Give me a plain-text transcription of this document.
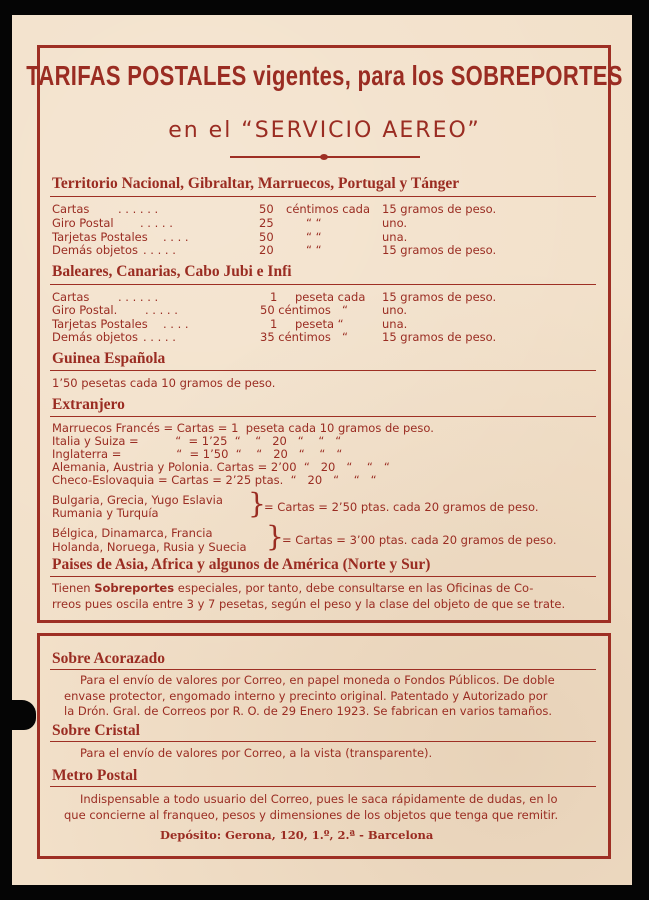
TARIFAS POSTALES vigentes, para los SOBREPORTES
en el “SERVICIO AEREO”
Territorio Nacional, Gibraltar, Marruecos, Portugal y Tánger
Cartas . . . . . .	50 céntimos cada 15 gramos de peso.
Giro Postal . . . . .	25	“ “	uno.
Tarjetas Postales . . . .	50	“ “	una.
Demás objetos . . . . .	20	“ “	15 gramos de peso.
Baleares, Canarias, Cabo Jubi e Infi
Cartas . . . . . .	1 peseta cada 15 gramos de peso.
Giro Postal. . . . . .	50 céntimos “	uno.
Tarjetas Postales . . . .	1 peseta “	una.
Demás objetos . . . . .	35 céntimos “	15 gramos de peso.
Guinea Española
1’50 pesetas cada 10 gramos de peso.
Extranjero
Marruecos Francés = Cartas = 1  peseta cada 10 gramos de peso.
Italia y Suiza =          “  = 1’25  “    “   20   “    “   “
Inglaterra =               “  = 1’50  “    “   20   “    “   “
Alemania, Austria y Polonia. Cartas = 2’00  “   20   “    “   “
Checo-Eslovaquia = Cartas = 2’25 ptas.  “   20   “    “   “
Bulgaria, Grecia, Yugo Eslavia
Rumania y Turquía	}
= Cartas = 2’50 ptas. cada 20 gramos de peso.
Bélgica, Dinamarca, Francia
Holanda, Noruega, Rusia y Suecia }
= Cartas = 3’00 ptas. cada 20 gramos de peso.
Paises de Asia, Africa y algunos de América (Norte y Sur)
Tienen Sobreportes especiales, por tanto, debe consultarse en las Oficinas de Co-
rreos pues oscila entre 3 y 7 pesetas, según el peso y la clase del objeto de que se trate.
Sobre Acorazado
Para el envío de valores por Correo, en papel moneda o Fondos Públicos. De doble
envase protector, engomado interno y precinto original. Patentado y Autorizado por
la Drón. Gral. de Correos por R. O. de 29 Enero 1923. Se fabrican en varios tamaños.
Sobre Cristal
Para el envío de valores por Correo, a la vista (transparente).
Metro Postal
Indispensable a todo usuario del Correo, pues le saca rápidamente de dudas, en lo
que concierne al franqueo, pesos y dimensiones de los objetos que tenga que remitir.
Depósito: Gerona, 120, 1.º, 2.ª - Barcelona
